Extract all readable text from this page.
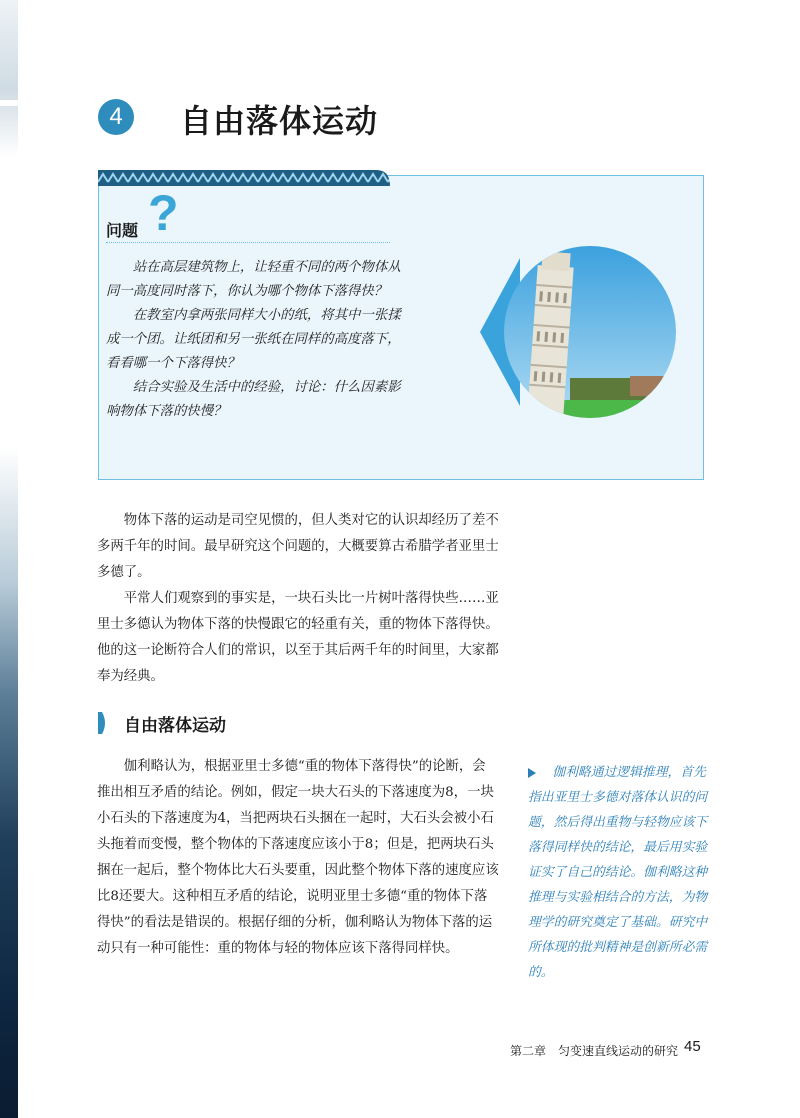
4	自由落体运动
问题 ?

站在高层建筑物上，让轻重不同的两个物体从同一高度同时落下，你认为哪个物体下落得快？

在教室内拿两张同样大小的纸，将其中一张揉成一个团。让纸团和另一张纸在同样的高度落下，看看哪一个下落得快？

结合实验及生活中的经验，讨论：什么因素影响物体下落的快慢？

物体下落的运动是司空见惯的，但人类对它的认识却经历了差不多两千年的时间。最早研究这个问题的，大概要算古希腊学者亚里士多德了。

平常人们观察到的事实是，一块石头比一片树叶落得快些……亚里士多德认为物体下落的快慢跟它的轻重有关，重的物体下落得快。他的这一论断符合人们的常识，以至于其后两千年的时间里，大家都奉为经典。

自由落体运动

伽利略认为，根据亚里士多德“重的物体下落得快”的论断，会推出相互矛盾的结论。例如，假定一块大石头的下落速度为8，一块小石头的下落速度为4，当把两块石头捆在一起时，大石头会被小石头拖着而变慢，整个物体的下落速度应该小于8；但是，把两块石头捆在一起后，整个物体比大石头要重，因此整个物体下落的速度应该比8还要大。这种相互矛盾的结论，说明亚里士多德“重的物体下落得快”的看法是错误的。根据仔细的分析，伽利略认为物体下落的运动只有一种可能性：重的物体与轻的物体应该下落得同样快。

伽利略通过逻辑推理，首先指出亚里士多德对落体认识的问题，然后得出重物与轻物应该下落得同样快的结论，最后用实验证实了自己的结论。伽利略这种推理与实验相结合的方法，为物理学的研究奠定了基础。研究中所体现的批判精神是创新所必需的。
第二章　匀变速直线运动的研究 45
